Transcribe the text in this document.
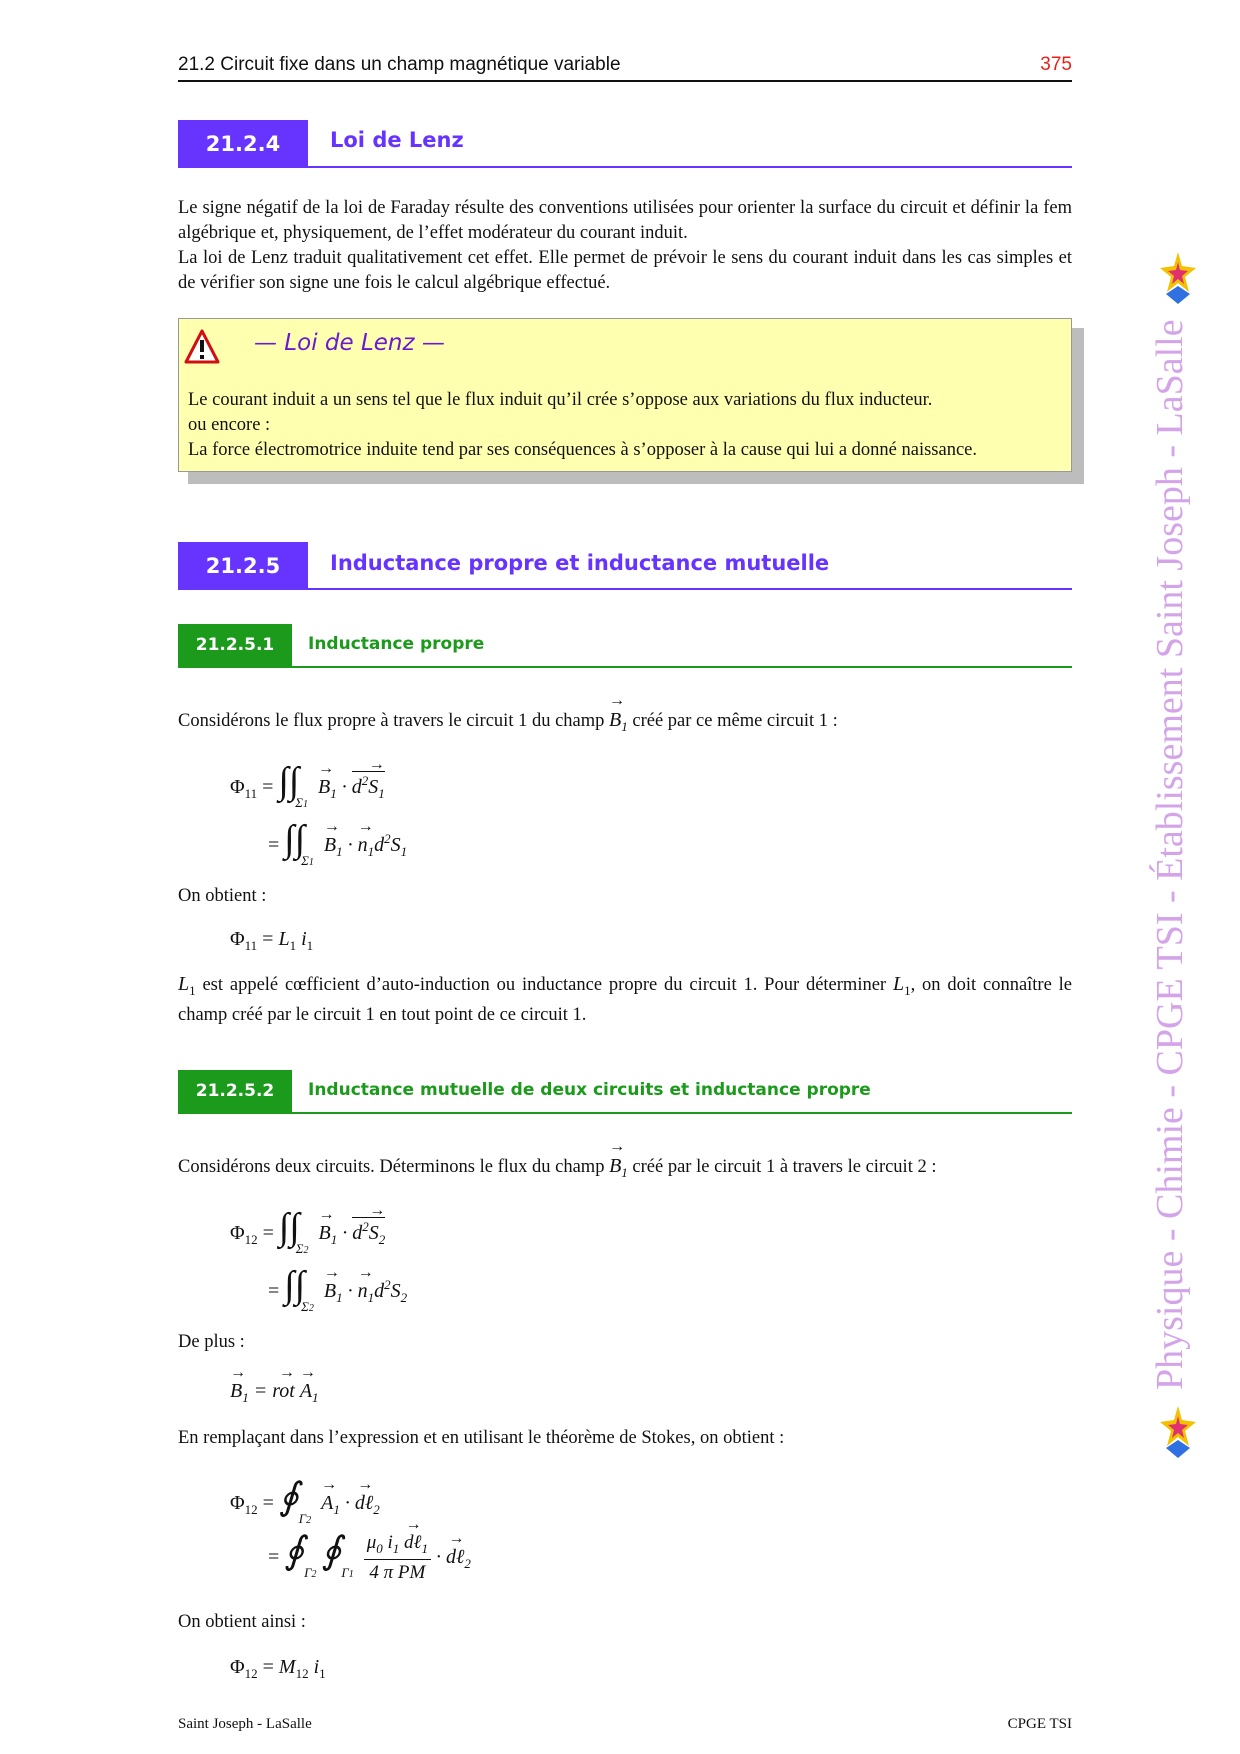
21.2 Circuit fixe dans un champ magnétique variable	375
21.2.4	Loi de Lenz

Le signe négatif de la loi de Faraday résulte des conventions utilisées pour orienter la surface du circuit et définir la fem algébrique et, physiquement, de l’effet modérateur du courant induit.

La loi de Lenz traduit qualitativement cet effet. Elle permet de prévoir le sens du courant induit dans les cas simples et de vérifier son signe une fois le calcul algébrique effectué.

— Loi de Lenz —

Le courant induit a un sens tel que le flux induit qu’il crée s’oppose aux variations du flux inducteur.

ou encore :

La force électromotrice induite tend par ses conséquences à s’opposer à la cause qui lui a donné naissance.

21.2.5	Inductance propre et inductance mutuelle
21.2.5.1	Inductance propre
Considérons le flux propre à travers le circuit 1 du champ → $B_1$ créé par ce même circuit 1 :
$\Phi_{11} = \int\int_{\Sigma 1} \to B_1$ · → $d^2S_1$
= $\int\int_{\Sigma 1} \to B_1$ · → $n_1d^2S_1$
On obtient :
$\Phi_{11} = L_1$ $i_1$
$L_1$ est appelé cœfficient d’auto-induction ou inductance propre du circuit 1. Pour déterminer $L_1$, on doit connaître le champ créé par le circuit 1 en tout point de ce circuit 1.
21.2.5.2	Inductance mutuelle de deux circuits et inductance propre
Considérons deux circuits. Déterminons le flux du champ → $B_1$ créé par le circuit 1 à travers le circuit 2 :
$\Phi_{12} = \int\int_{\Sigma 2} \to B_1$ · → $d^2S_2$
= $\int\int_{\Sigma 2} \to B_1$ · → $n_1d^2S_2$
De plus :
→ $B_1$ = → rot → $A_1$
En remplaçant dans l’expression et en utilisant le théorème de Stokes, on obtient :
$\Phi_{12}$ = $∮_{\Gamma 2} \to A_1$ · → dℓ$_2$
= $∮_{\Gamma 2}$ $∮_{\Gamma 1} \frac{\mu_0 i_1 \to d\ell_1}{\text{4 π PM}}$ · → dℓ$_2$
On obtient ainsi :
$\Phi_{12} = M_{12}$ $i_1$
Physique - Chimie - CPGE TSI - Établissement Saint Joseph - LaSalle
Saint Joseph - LaSalle	CPGE TSI
